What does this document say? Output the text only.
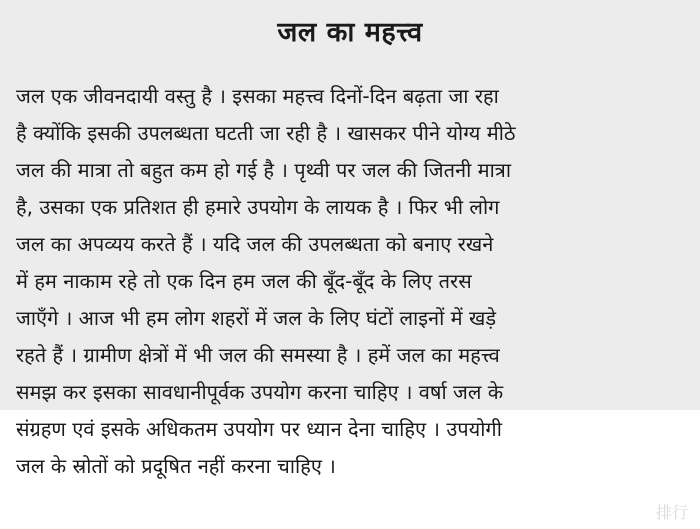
जल का महत्त्व
जल एक जीवनदायी वस्तु है । इसका महत्त्व दिनों-दिन बढ़ता जा रहा
है क्योंकि इसकी उपलब्धता घटती जा रही है । खासकर पीने योग्य मीठे
जल की मात्रा तो बहुत कम हो गई है । पृथ्वी पर जल की जितनी मात्रा
है, उसका एक प्रतिशत ही हमारे उपयोग के लायक है । फिर भी लोग
जल का अपव्यय करते हैं । यदि जल की उपलब्धता को बनाए रखने
में हम नाकाम रहे तो एक दिन हम जल की बूँद-बूँद के लिए तरस
जाएँगे । आज भी हम लोग शहरों में जल के लिए घंटों लाइनों में खड़े
रहते हैं । ग्रामीण क्षेत्रों में भी जल की समस्या है । हमें जल का महत्त्व
समझ कर इसका सावधानीपूर्वक उपयोग करना चाहिए । वर्षा जल के
संग्रहण एवं इसके अधिकतम उपयोग पर ध्यान देना चाहिए । उपयोगी
जल के स्रोतों को प्रदूषित नहीं करना चाहिए ।
排行
